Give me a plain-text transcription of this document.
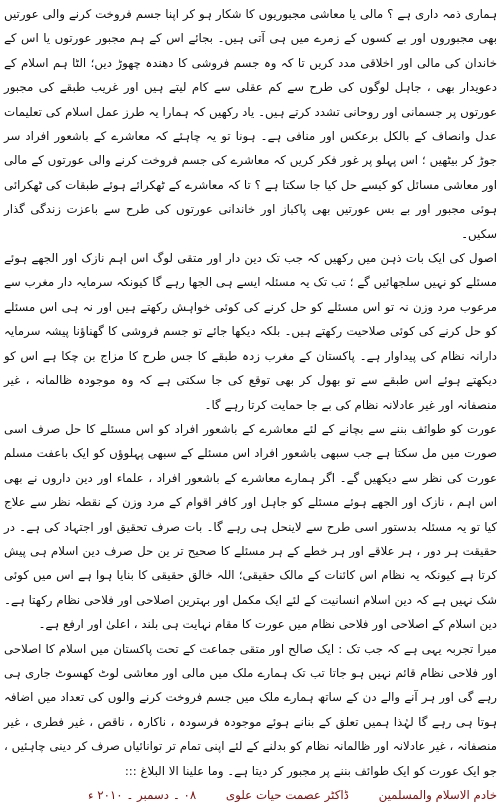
ہماری ذمہ داری ہے ؟ مالی یا معاشی مجبوریوں کا شکار ہو کر اپنا جسم فروخت کرنے والی عورتیں بھی مجبوروں اور بے کسوں کے زمرے میں ہی آتی ہیں۔ بجائے اس کے ہم مجبور عورتوں یا اس کے خاندان کی مالی اور اخلاقی مدد کریں تا کہ وہ جسم فروشی کا دھندہ چھوڑ دیں؛ الٹا ہم اسلام کے دعویدار بھی ، جاہل لوگوں کی طرح سے کم عقلی سے کام لیتے ہیں اور غریب طبقے کی مجبور عورتوں پر جسمانی اور روحانی تشدد کرتے ہیں۔ یاد رکھیں کہ ہمارا یہ طرز عمل اسلام کی تعلیمات عدل وانصاف کے بالکل برعکس اور منافی ہے۔ ہونا تو یہ چاہئے کہ معاشرے کے باشعور افراد سر جوڑ کر بیٹھیں ؛ اس پہلو پر غور فکر کریں کہ معاشرے کی جسم فروخت کرنے والی عورتوں کے مالی اور معاشی مسائل کو کیسے حل کیا جا سکتا ہے ؟ تا کہ معاشرے کے ٹھکرائے ہوئے طبقات کی ٹھکرائی ہوئی مجبور اور بے بس عورتیں بھی پاکباز اور خاندانی عورتوں کی طرح سے باعزت زندگی گذار سکیں۔

اصول کی ایک بات ذہن میں رکھیں کہ جب تک دین دار اور متقی لوگ اس اہم نازک اور الجھے ہوئے مسئلے کو نہیں سلجھائیں گے ؛ تب تک یہ مسئلہ ایسے ہی الجھا رہے گا کیونکہ سرمایہ دار مغرب سے مرعوب مرد وزن نہ تو اس مسئلے کو حل کرنے کی کوئی خواہش رکھتے ہیں اور نہ ہی اس مسئلے کو حل کرنے کی کوئی صلاحیت رکھتے ہیں۔ بلکہ دیکھا جائے تو جسم فروشی کا گھناؤنا پیشہ سرمایہ دارانہ نظام کی پیداوار ہے۔ پاکستان کے مغرب زدہ طبقے کا جس طرح کا مزاج بن چکا ہے اس کو دیکھتے ہوئے اس طبقے سے تو بھول کر بھی توقع کی جا سکتی ہے کہ وہ موجودہ ظالمانہ ، غیر منصفانہ اور غیر عادلانہ نظام کی بے جا حمایت کرتا رہے گا۔

عورت کو طوائف بننے سے بچانے کے لئے معاشرے کے باشعور افراد کو اس مسئلے کا حل صرف اسی صورت میں مل سکتا ہے جب سبھی باشعور افراد اس مسئلے کے سبھی پہلوؤں کو ایک باعفت مسلم عورت کی نظر سے دیکھیں گے۔ اگر ہمارے معاشرے کے باشعور افراد ، علماء اور دین داروں نے بھی اس اہم ، نازک اور الجھے ہوئے مسئلے کو جاہل اور کافر اقوام کے مرد وزن کے نقطہ نظر سے علاج کیا تو یہ مسئلہ بدستور اسی طرح سے لاینحل ہی رہے گا۔ بات صرف تحقیق اور اجتہاد کی ہے۔ در حقیقت ہر دور ، ہر علاقے اور ہر خطے کے ہر مسئلے کا صحیح تر ین حل صرف دین اسلام ہی پیش کرتا ہے کیونکہ یہ نظام اس کائنات کے مالک حقیقی؛ اللہ خالق حقیقی کا بنایا ہوا ہے اس میں کوئی شک نہیں ہے کہ دین اسلام انسانیت کے لئے ایک مکمل اور بہترین اصلاحی اور فلاحی نظام رکھتا ہے۔ دین اسلام کے اصلاحی اور فلاحی نظام میں عورت کا مقام نہایت ہی بلند ، اعلیٰ اور ارفع ہے۔

میرا تجربہ یہی ہے کہ جب تک : ایک صالح اور متقی جماعت کے تحت پاکستان میں اسلام کا اصلاحی اور فلاحی نظام قائم نہیں ہو جاتا تب تک ہمارے ملک میں مالی اور معاشی لوٹ کھسوٹ جاری ہی رہے گی اور ہر آنے والے دن کے ساتھ ہمارے ملک میں جسم فروخت کرنے والوں کی تعداد میں اضافہ ہوتا ہی رہے گا لہٰذا ہمیں تعلق کے بنانے ہوئے موجودہ فرسودہ ، ناکارہ ، ناقص ، غیر فطری ، غیر منصفانہ ، غیر عادلانہ اور ظالمانہ نظام کو بدلنے کے لئے اپنی تمام تر توانائیاں صرف کر دینی چاہئیں ، جو ایک عورت کو ایک طوائف بننے پر مجبور کر دیتا ہے۔ وما علینا الا البلاغ :::

خادم الاسلام والمسلمین ڈاکٹر عصمت حیات علوی ۰۸ ۔ دسمبر ۔ ۲۰۱۰ ء
